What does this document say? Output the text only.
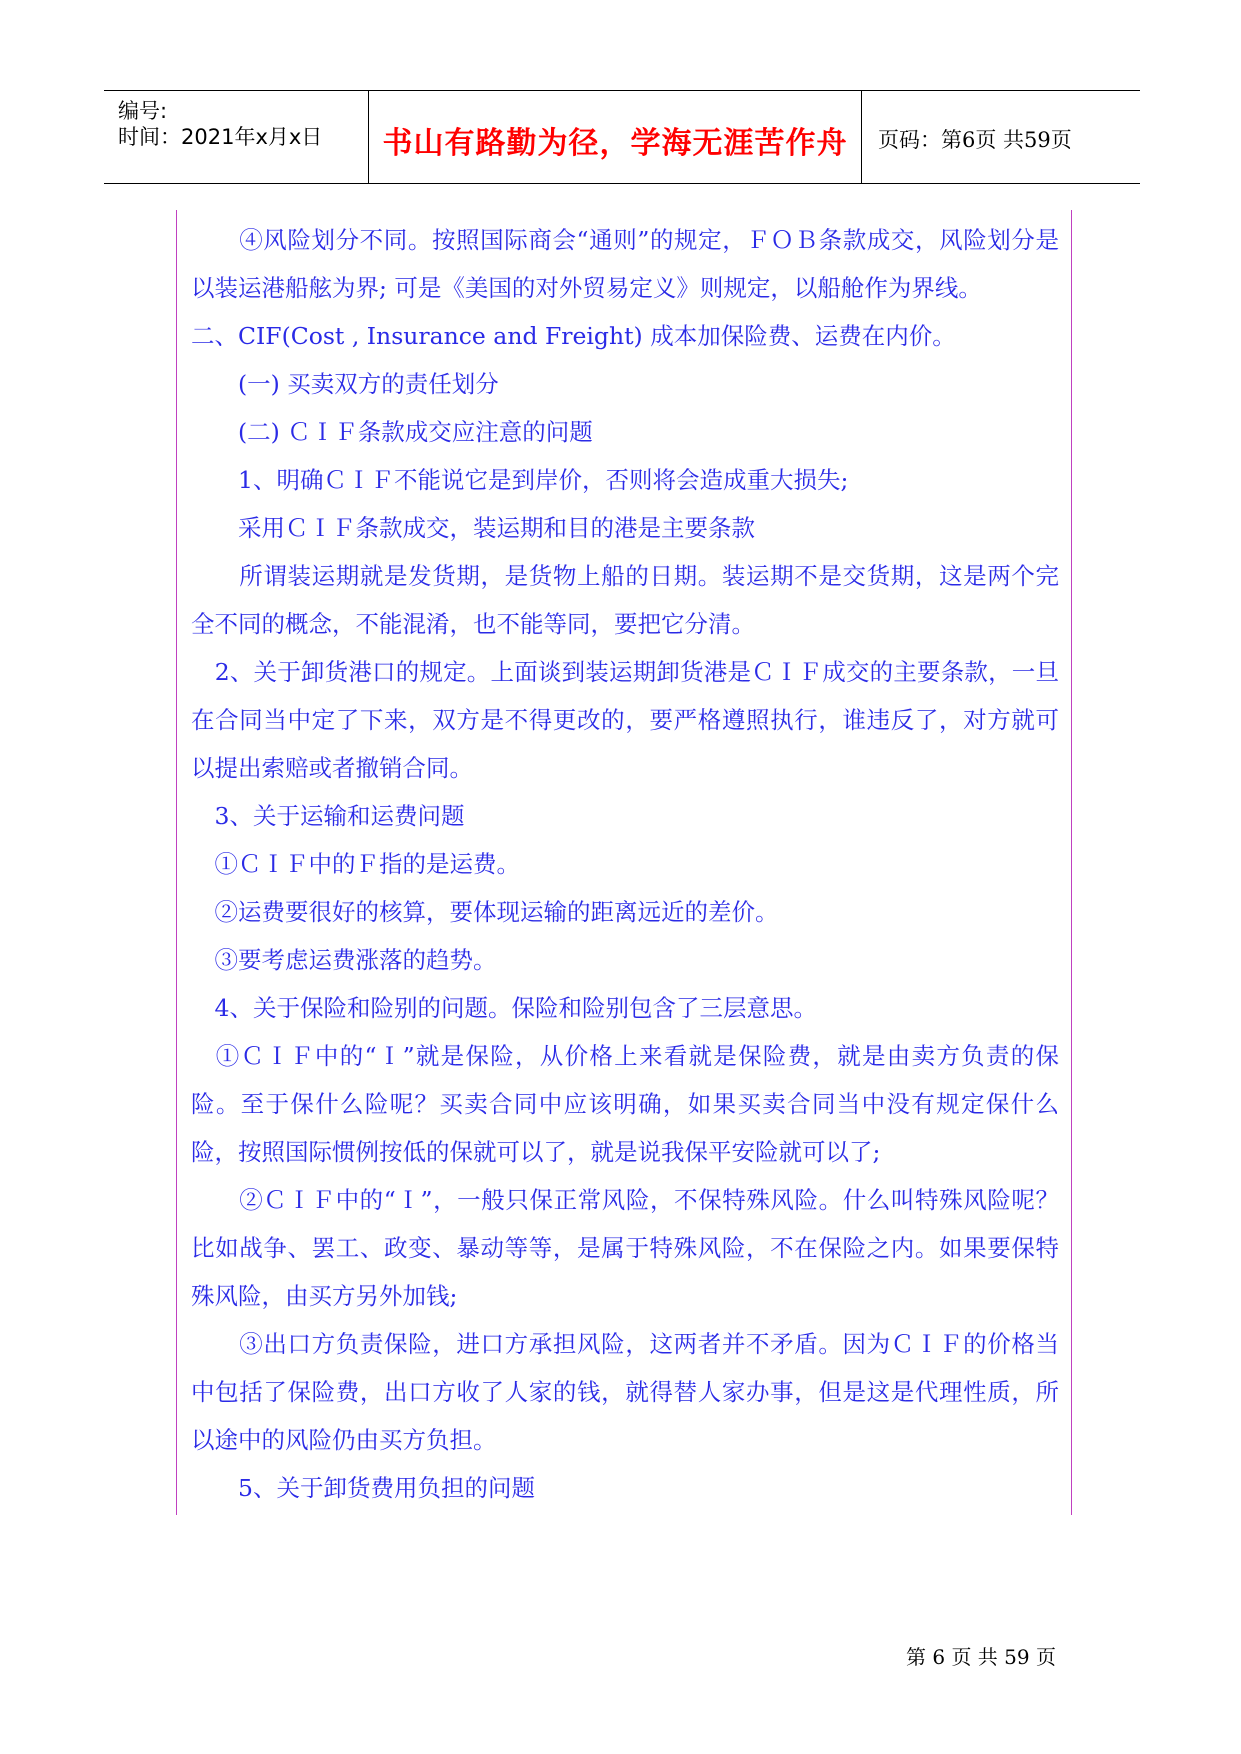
编号:
时间：2021年x月x日	书山有路勤为径，学海无涯苦作舟	页码：第6页 共59页
　　④风险划分不同。按照国际商会“通则”的规定，ＦＯＢ条款成交，风险划分是以装运港船舷为界; 可是《美国的对外贸易定义》则规定，以船舱作为界线。
二、CIF(Cost , Insurance and Freight) 成本加保险费、运费在内价。
　　(一) 买卖双方的责任划分
　　(二) ＣＩＦ条款成交应注意的问题
　　1、明确ＣＩＦ不能说它是到岸价，否则将会造成重大损失;
　　采用ＣＩＦ条款成交，装运期和目的港是主要条款
　　所谓装运期就是发货期，是货物上船的日期。装运期不是交货期，这是两个完全不同的概念，不能混淆，也不能等同，要把它分清。
　2、关于卸货港口的规定。上面谈到装运期卸货港是ＣＩＦ成交的主要条款，一旦在合同当中定了下来，双方是不得更改的，要严格遵照执行，谁违反了，对方就可以提出索赔或者撤销合同。
　3、关于运输和运费问题
　①ＣＩＦ中的Ｆ指的是运费。
　②运费要很好的核算，要体现运输的距离远近的差价。
　③要考虑运费涨落的趋势。
　4、关于保险和险别的问题。保险和险别包含了三层意思。
　①ＣＩＦ中的“Ｉ”就是保险，从价格上来看就是保险费，就是由卖方负责的保险。至于保什么险呢？买卖合同中应该明确，如果买卖合同当中没有规定保什么险，按照国际惯例按低的保就可以了，就是说我保平安险就可以了;
　　②ＣＩＦ中的“Ｉ”，一般只保正常风险，不保特殊风险。什么叫特殊风险呢？比如战争、罢工、政变、暴动等等，是属于特殊风险，不在保险之内。如果要保特殊风险，由买方另外加钱;
　　③出口方负责保险，进口方承担风险，这两者并不矛盾。因为ＣＩＦ的价格当中包括了保险费，出口方收了人家的钱，就得替人家办事，但是这是代理性质，所以途中的风险仍由买方负担。
　　5、关于卸货费用负担的问题
第 6 页 共 59 页
